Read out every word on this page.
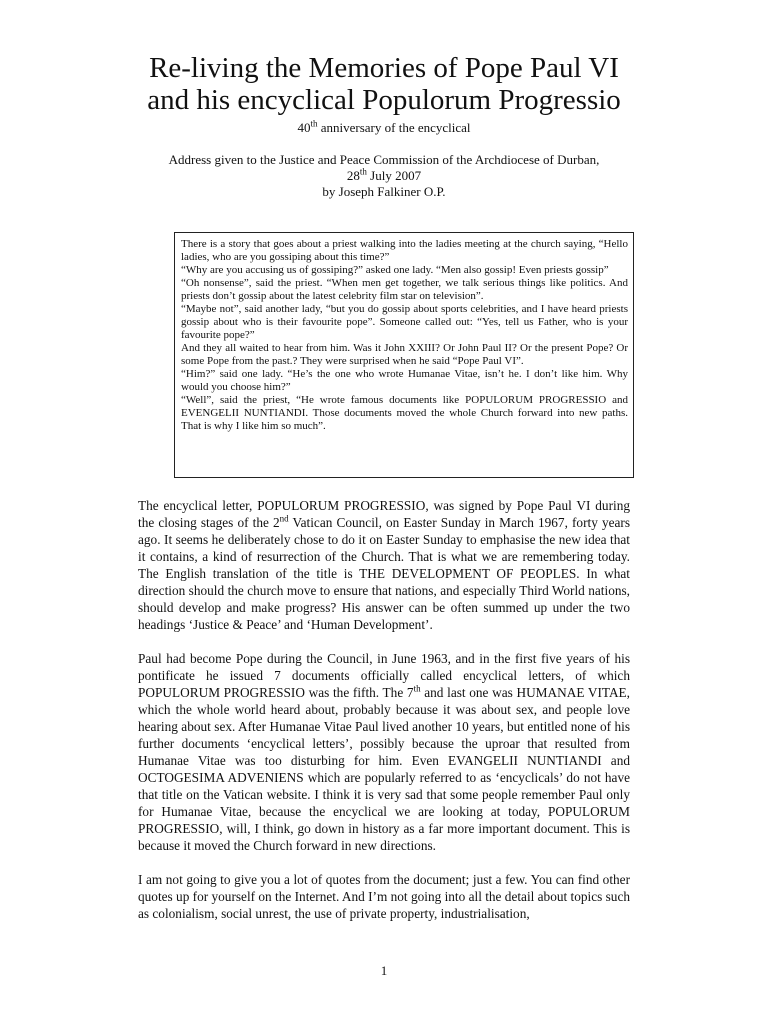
Re-living the Memories of Pope Paul VI
and his encyclical Populorum Progressio
40th anniversary of the encyclical
Address given to the Justice and Peace Commission of the Archdiocese of Durban,
28th July 2007
by Joseph Falkiner O.P.

There is a story that goes about a priest walking into the ladies meeting at the church saying, “Hello ladies, who are you gossiping about this time?”

“Why are you accusing us of gossiping?” asked one lady. “Men also gossip! Even priests gossip”

“Oh nonsense”, said the priest. “When men get together, we talk serious things like politics. And priests don’t gossip about the latest celebrity film star on television”.

“Maybe not”, said another lady, “but you do gossip about sports celebrities, and I have heard priests gossip about who is their favourite pope”. Someone called out: “Yes, tell us Father, who is your favourite pope?”

And they all waited to hear from him. Was it John XXIII? Or John Paul II? Or the present Pope? Or some Pope from the past.? They were surprised when he said “Pope Paul VI”.

“Him?” said one lady. “He’s the one who wrote Humanae Vitae, isn’t he. I don’t like him. Why would you choose him?”

“Well”, said the priest, “He wrote famous documents like POPULORUM PROGRESSIO and EVENGELII NUNTIANDI. Those documents moved the whole Church forward into new paths. That is why I like him so much”.

The encyclical letter, POPULORUM PROGRESSIO, was signed by Pope Paul VI during the closing stages of the 2nd Vatican Council, on Easter Sunday in March 1967, forty years ago. It seems he deliberately chose to do it on Easter Sunday to emphasise the new idea that it contains, a kind of resurrection of the Church. That is what we are remembering today. The English translation of the title is THE DEVELOPMENT OF PEOPLES. In what direction should the church move to ensure that nations, and especially Third World nations, should develop and make progress? His answer can be often summed up under the two headings ‘Justice & Peace’ and ‘Human Development’.

Paul had become Pope during the Council, in June 1963, and in the first five years of his pontificate he issued 7 documents officially called encyclical letters, of which POPULORUM PROGRESSIO was the fifth. The 7th and last one was HUMANAE VITAE, which the whole world heard about, probably because it was about sex, and people love hearing about sex. After Humanae Vitae Paul lived another 10 years, but entitled none of his further documents ‘encyclical letters’, possibly because the uproar that resulted from Humanae Vitae was too disturbing for him. Even EVANGELII NUNTIANDI and OCTOGESIMA ADVENIENS which are popularly referred to as ‘encyclicals’ do not have that title on the Vatican website. I think it is very sad that some people remember Paul only for Humanae Vitae, because the encyclical we are looking at today, POPULORUM PROGRESSIO, will, I think, go down in history as a far more important document. This is because it moved the Church forward in new directions.

I am not going to give you a lot of quotes from the document; just a few. You can find other quotes up for yourself on the Internet. And I’m not going into all the detail about topics such as colonialism, social unrest, the use of private property, industrialisation,

1
